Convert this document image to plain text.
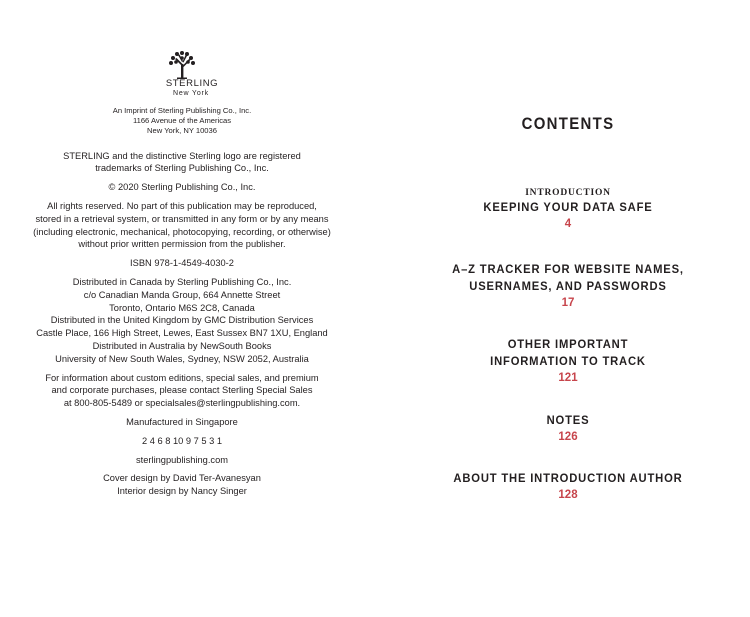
STERLING
New York
An Imprint of Sterling Publishing Co., Inc.
1166 Avenue of the Americas
New York, NY 10036
STERLING and the distinctive Sterling logo are registered
trademarks of Sterling Publishing Co., Inc.
© 2020 Sterling Publishing Co., Inc.
All rights reserved. No part of this publication may be reproduced,
stored in a retrieval system, or transmitted in any form or by any means
(including electronic, mechanical, photocopying, recording, or otherwise)
without prior written permission from the publisher.
ISBN 978-1-4549-4030-2
Distributed in Canada by Sterling Publishing Co., Inc.
c/o Canadian Manda Group, 664 Annette Street
Toronto, Ontario M6S 2C8, Canada
Distributed in the United Kingdom by GMC Distribution Services
Castle Place, 166 High Street, Lewes, East Sussex BN7 1XU, England
Distributed in Australia by NewSouth Books
University of New South Wales, Sydney, NSW 2052, Australia
For information about custom editions, special sales, and premium
and corporate purchases, please contact Sterling Special Sales
at 800-805-5489 or specialsales@sterlingpublishing.com.
Manufactured in Singapore
2 4 6 8 10 9 7 5 3 1
sterlingpublishing.com
Cover design by David Ter-Avanesyan
Interior design by Nancy Singer
CONTENTS
INTRODUCTION
KEEPING YOUR DATA SAFE
4
A–Z TRACKER FOR WEBSITE NAMES,
USERNAMES, AND PASSWORDS
17
OTHER IMPORTANT
INFORMATION TO TRACK
121
NOTES
126
ABOUT THE INTRODUCTION AUTHOR
128
